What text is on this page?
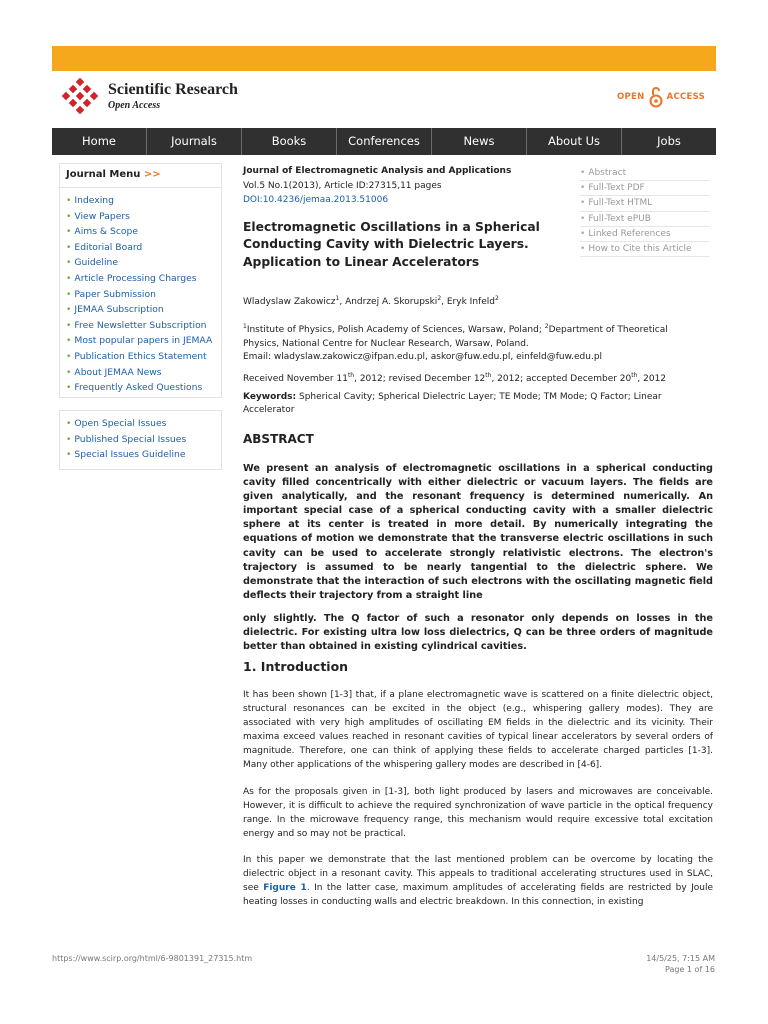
Scientific Research
Open Access
OPEN	ACCESS
Home	Journals	Books	Conferences	News	About Us	Jobs
Journal Menu >>
• Indexing
• View Papers
• Aims & Scope
• Editorial Board
• Guideline
• Article Processing Charges
• Paper Submission
• JEMAA Subscription
• Free Newsletter Subscription
• Most popular papers in JEMAA
• Publication Ethics Statement
• About JEMAA News
• Frequently Asked Questions
• Open Special Issues
• Published Special Issues
• Special Issues Guideline
• Abstract
• Full-Text PDF
• Full-Text HTML
• Full-Text ePUB
• Linked References
• How to Cite this Article
Journal of Electromagnetic Analysis and Applications
Vol.5 No.1(2013), Article ID:27315,11 pages
DOI:10.4236/jemaa.2013.51006
Electromagnetic Oscillations in a Spherical Conducting Cavity with Dielectric Layers. Application to Linear Accelerators
Wladyslaw Zakowicz$^1$, Andrzej A. Skorupski$^2$, Eryk Infeld$^2$
$^1$Institute of Physics, Polish Academy of Sciences, Warsaw, Poland; $^2$Department of Theoretical Physics, National Centre for Nuclear Research, Warsaw, Poland.
Email: wladyslaw.zakowicz@ifpan.edu.pl, askor@fuw.edu.pl, einfeld@fuw.edu.pl
Received November 11th, 2012; revised December 12th, 2012; accepted December 20th, 2012
Keywords: Spherical Cavity; Spherical Dielectric Layer; TE Mode; TM Mode; Q Factor; Linear Accelerator
ABSTRACT

We present an analysis of electromagnetic oscillations in a spherical conducting cavity filled concentrically with either dielectric or vacuum layers. The fields are given analytically, and the resonant frequency is determined numerically. An important special case of a spherical conducting cavity with a smaller dielectric sphere at its center is treated in more detail. By numerically integrating the equations of motion we demonstrate that the transverse electric oscillations in such cavity can be used to accelerate strongly relativistic electrons. The electron's trajectory is assumed to be nearly tangential to the dielectric sphere. We demonstrate that the interaction of such electrons with the oscillating magnetic field deflects their trajectory from a straight line

only slightly. The Q factor of such a resonator only depends on losses in the dielectric. For existing ultra low loss dielectrics, Q can be three orders of magnitude better than obtained in existing cylindrical cavities.

1. Introduction

It has been shown [1-3] that, if a plane electromagnetic wave is scattered on a finite dielectric object, structural resonances can be excited in the object (e.g., whispering gallery modes). They are associated with very high amplitudes of oscillating EM fields in the dielectric and its vicinity. Their maxima exceed values reached in resonant cavities of typical linear accelerators by several orders of magnitude. Therefore, one can think of applying these fields to accelerate charged particles [1-3]. Many other applications of the whispering gallery modes are described in [4-6].

As for the proposals given in [1-3], both light produced by lasers and microwaves are conceivable. However, it is difficult to achieve the required synchronization of wave particle in the optical frequency range. In the microwave frequency range, this mechanism would require excessive total excitation energy and so may not be practical.

In this paper we demonstrate that the last mentioned problem can be overcome by locating the dielectric object in a resonant cavity. This appeals to traditional accelerating structures used in SLAC, see Figure 1. In the latter case, maximum amplitudes of accelerating fields are restricted by Joule heating losses in conducting walls and electric breakdown. In this connection, in existing

https://www.scirp.org/html/6-9801391_27315.htm	14/5/25, 7:15 AM
Page 1 of 16
